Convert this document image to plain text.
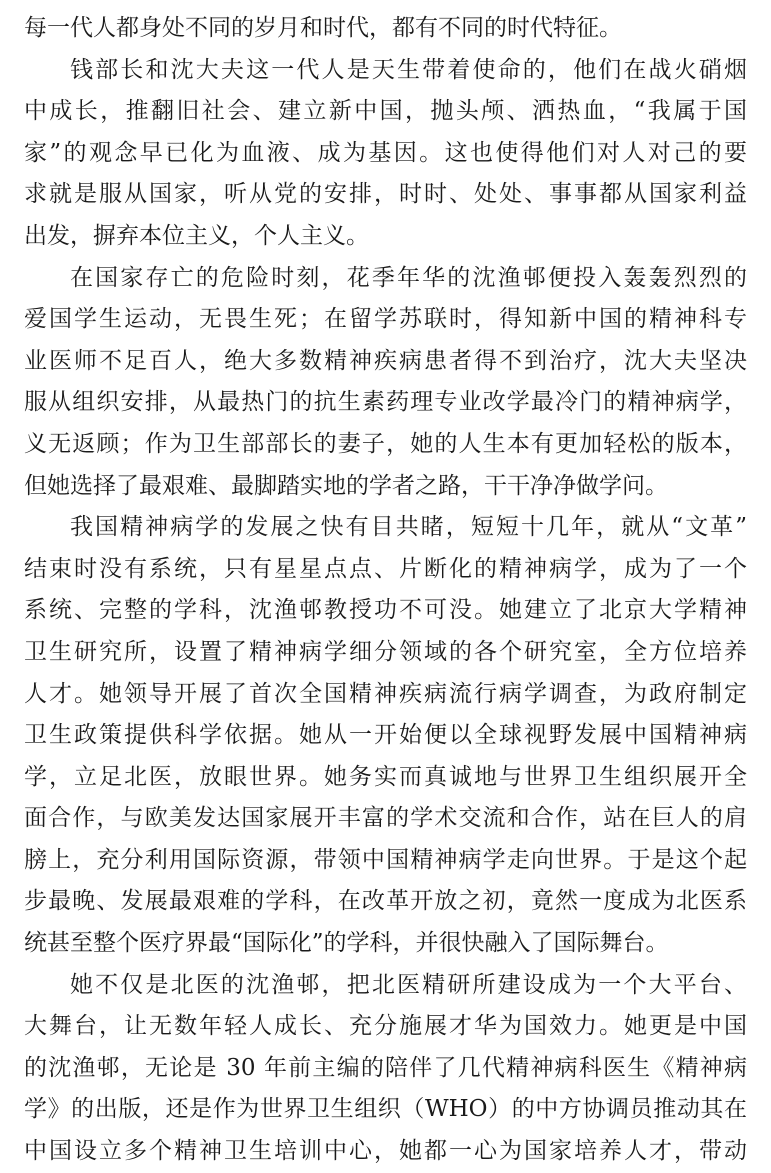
每一代人都身处不同的岁月和时代，都有不同的时代特征。
钱部长和沈大夫这一代人是天生带着使命的，他们在战火硝烟
中成长，推翻旧社会、建立新中国，抛头颅、洒热血，“我属于国
家”的观念早已化为血液、成为基因。这也使得他们对人对己的要
求就是服从国家，听从党的安排，时时、处处、事事都从国家利益
出发，摒弃本位主义，个人主义。
在国家存亡的危险时刻，花季年华的沈渔邨便投入轰轰烈烈的
爱国学生运动，无畏生死；在留学苏联时，得知新中国的精神科专
业医师不足百人，绝大多数精神疾病患者得不到治疗，沈大夫坚决
服从组织安排，从最热门的抗生素药理专业改学最冷门的精神病学，
义无返顾；作为卫生部部长的妻子，她的人生本有更加轻松的版本，
但她选择了最艰难、最脚踏实地的学者之路，干干净净做学问。
我国精神病学的发展之快有目共睹，短短十几年，就从“文革”
结束时没有系统，只有星星点点、片断化的精神病学，成为了一个
系统、完整的学科，沈渔邨教授功不可没。她建立了北京大学精神
卫生研究所，设置了精神病学细分领域的各个研究室，全方位培养
人才。她领导开展了首次全国精神疾病流行病学调查，为政府制定
卫生政策提供科学依据。她从一开始便以全球视野发展中国精神病
学，立足北医，放眼世界。她务实而真诚地与世界卫生组织展开全
面合作，与欧美发达国家展开丰富的学术交流和合作，站在巨人的肩
膀上，充分利用国际资源，带领中国精神病学走向世界。于是这个起
步最晚、发展最艰难的学科，在改革开放之初，竟然一度成为北医系
统甚至整个医疗界最“国际化”的学科，并很快融入了国际舞台。
她不仅是北医的沈渔邨，把北医精研所建设成为一个大平台、
大舞台，让无数年轻人成长、充分施展才华为国效力。她更是中国
的沈渔邨，无论是 30 年前主编的陪伴了几代精神病科医生《精神病
学》的出版，还是作为世界卫生组织（WHO）的中方协调员推动其在
中国设立多个精神卫生培训中心，她都一心为国家培养人才，带动
